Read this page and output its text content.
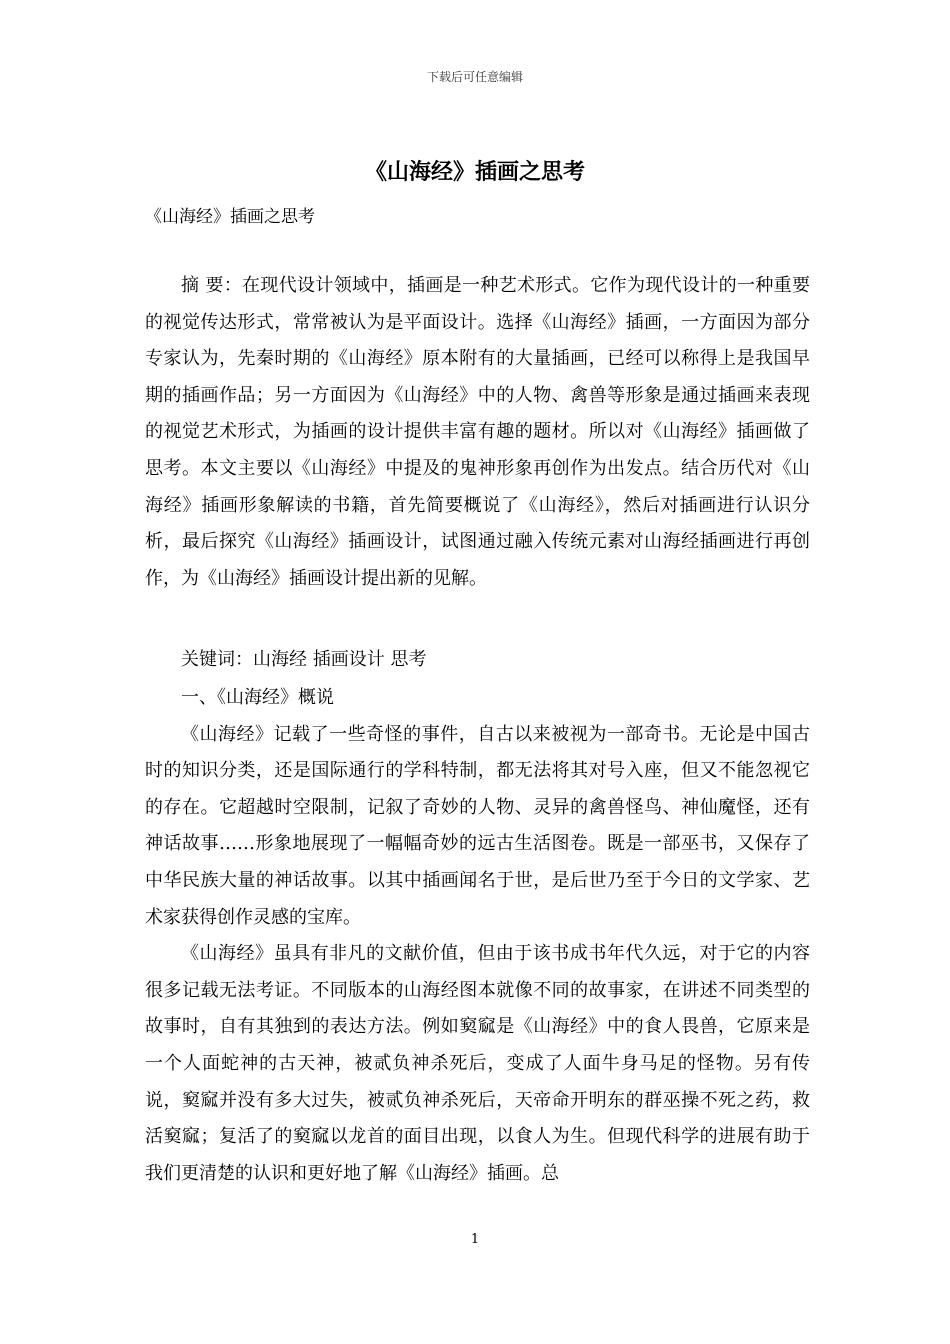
下载后可任意编辑
《山海经》插画之思考
《山海经》插画之思考

摘 要：在现代设计领域中，插画是一种艺术形式。它作为现代设计的一种重要的视觉传达形式，常常被认为是平面设计。选择《山海经》插画，一方面因为部分专家认为，先秦时期的《山海经》原本附有的大量插画，已经可以称得上是我国早期的插画作品；另一方面因为《山海经》中的人物、禽兽等形象是通过插画来表现的视觉艺术形式，为插画的设计提供丰富有趣的题材。所以对《山海经》插画做了思考。本文主要以《山海经》中提及的鬼神形象再创作为出发点。结合历代对《山海经》插画形象解读的书籍，首先简要概说了《山海经》，然后对插画进行认识分析，最后探究《山海经》插画设计，试图通过融入传统元素对山海经插画进行再创作，为《山海经》插画设计提出新的见解。

关键词：山海经 插画设计 思考

一、《山海经》概说

《山海经》记载了一些奇怪的事件，自古以来被视为一部奇书。无论是中国古时的知识分类，还是国际通行的学科特制，都无法将其对号入座，但又不能忽视它的存在。它超越时空限制，记叙了奇妙的人物、灵异的禽兽怪鸟、神仙魔怪，还有神话故事……形象地展现了一幅幅奇妙的远古生活图卷。既是一部巫书，又保存了中华民族大量的神话故事。以其中插画闻名于世，是后世乃至于今日的文学家、艺术家获得创作灵感的宝库。

《山海经》虽具有非凡的文献价值，但由于该书成书年代久远，对于它的内容很多记载无法考证。不同版本的山海经图本就像不同的故事家，在讲述不同类型的故事时，自有其独到的表达方法。例如窫窳是《山海经》中的食人畏兽，它原来是一个人面蛇神的古天神，被贰负神杀死后，变成了人面牛身马足的怪物。另有传说，窫窳并没有多大过失，被贰负神杀死后，天帝命开明东的群巫操不死之药，救活窫窳；复活了的窫窳以龙首的面目出现，以食人为生。但现代科学的进展有助于我们更清楚的认识和更好地了解《山海经》插画。总

1
